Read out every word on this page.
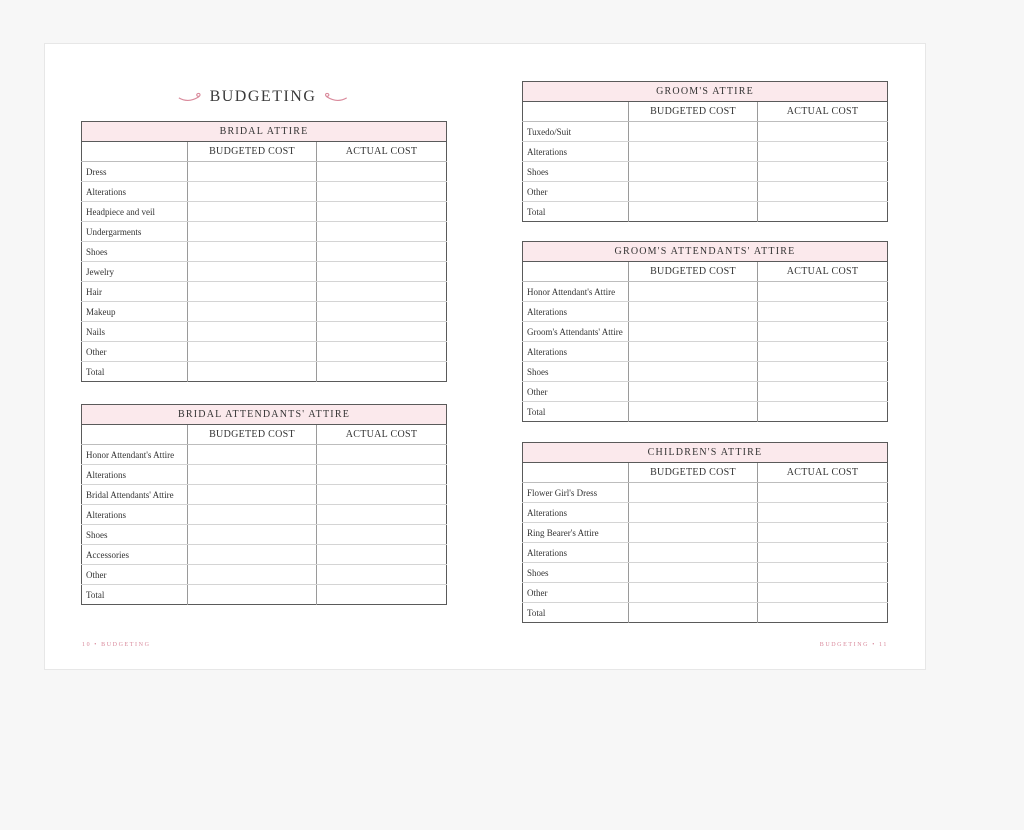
BUDGETING
BRIDAL ATTIRE		
	BUDGETED COST	ACTUAL COST
Dress		
Alterations		
Headpiece and veil		
Undergarments		
Shoes		
Jewelry		
Hair		
Makeup		
Nails		
Other		
Total		
BRIDAL ATTENDANTS' ATTIRE		
	BUDGETED COST	ACTUAL COST
Honor Attendant's Attire		
Alterations		
Bridal Attendants' Attire		
Alterations		
Shoes		
Accessories		
Other		
Total		
GROOM'S ATTIRE		
	BUDGETED COST	ACTUAL COST
Tuxedo/Suit		
Alterations		
Shoes		
Other		
Total		
GROOM'S ATTENDANTS' ATTIRE		
	BUDGETED COST	ACTUAL COST
Honor Attendant's Attire		
Alterations		
Groom's Attendants' Attire		
Alterations		
Shoes		
Other		
Total		
CHILDREN'S ATTIRE		
	BUDGETED COST	ACTUAL COST
Flower Girl's Dress		
Alterations		
Ring Bearer's Attire		
Alterations		
Shoes		
Other		
Total		
10 • BUDGETING	BUDGETING • 11
